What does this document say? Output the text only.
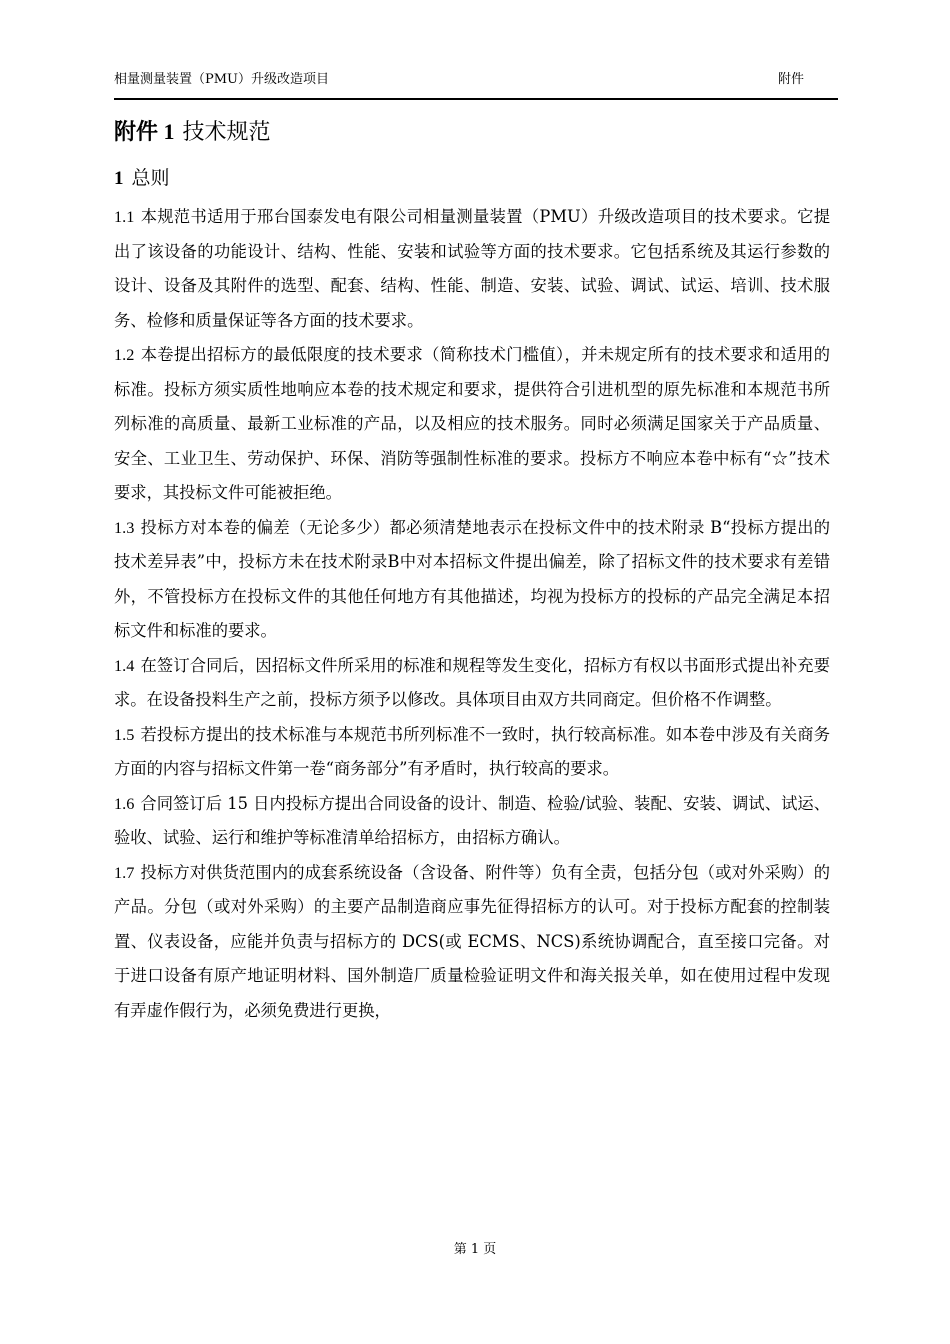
相量测量装置（PMU）升级改造项目	附件
附件 1 技术规范
1 总则

1.1 本规范书适用于邢台国泰发电有限公司相量测量装置（PMU）升级改造项目的技术要求。它提出了该设备的功能设计、结构、性能、安装和试验等方面的技术要求。它包括系统及其运行参数的设计、设备及其附件的选型、配套、结构、性能、制造、安装、试验、调试、试运、培训、技术服务、检修和质量保证等各方面的技术要求。

1.2 本卷提出招标方的最低限度的技术要求（简称技术门槛值），并未规定所有的技术要求和适用的标准。投标方须实质性地响应本卷的技术规定和要求，提供符合引进机型的原先标准和本规范书所列标准的高质量、最新工业标准的产品，以及相应的技术服务。同时必须满足国家关于产品质量、安全、工业卫生、劳动保护、环保、消防等强制性标准的要求。投标方不响应本卷中标有“☆”技术要求，其投标文件可能被拒绝。

1.3 投标方对本卷的偏差（无论多少）都必须清楚地表示在投标文件中的技术附录 B“投标方提出的技术差异表”中，投标方未在技术附录B中对本招标文件提出偏差，除了招标文件的技术要求有差错外，不管投标方在投标文件的其他任何地方有其他描述，均视为投标方的投标的产品完全满足本招标文件和标准的要求。

1.4 在签订合同后，因招标文件所采用的标准和规程等发生变化，招标方有权以书面形式提出补充要求。在设备投料生产之前，投标方须予以修改。具体项目由双方共同商定。但价格不作调整。

1.5 若投标方提出的技术标准与本规范书所列标准不一致时，执行较高标准。如本卷中涉及有关商务方面的内容与招标文件第一卷“商务部分”有矛盾时，执行较高的要求。

1.6 合同签订后 15 日内投标方提出合同设备的设计、制造、检验/试验、装配、安装、调试、试运、验收、试验、运行和维护等标准清单给招标方，由招标方确认。

1.7 投标方对供货范围内的成套系统设备（含设备、附件等）负有全责，包括分包（或对外采购）的产品。分包（或对外采购）的主要产品制造商应事先征得招标方的认可。对于投标方配套的控制装置、仪表设备，应能并负责与招标方的 DCS(或 ECMS、NCS)系统协调配合，直至接口完备。对于进口设备有原产地证明材料、国外制造厂质量检验证明文件和海关报关单，如在使用过程中发现有弄虚作假行为，必须免费进行更换，

第 1 页
